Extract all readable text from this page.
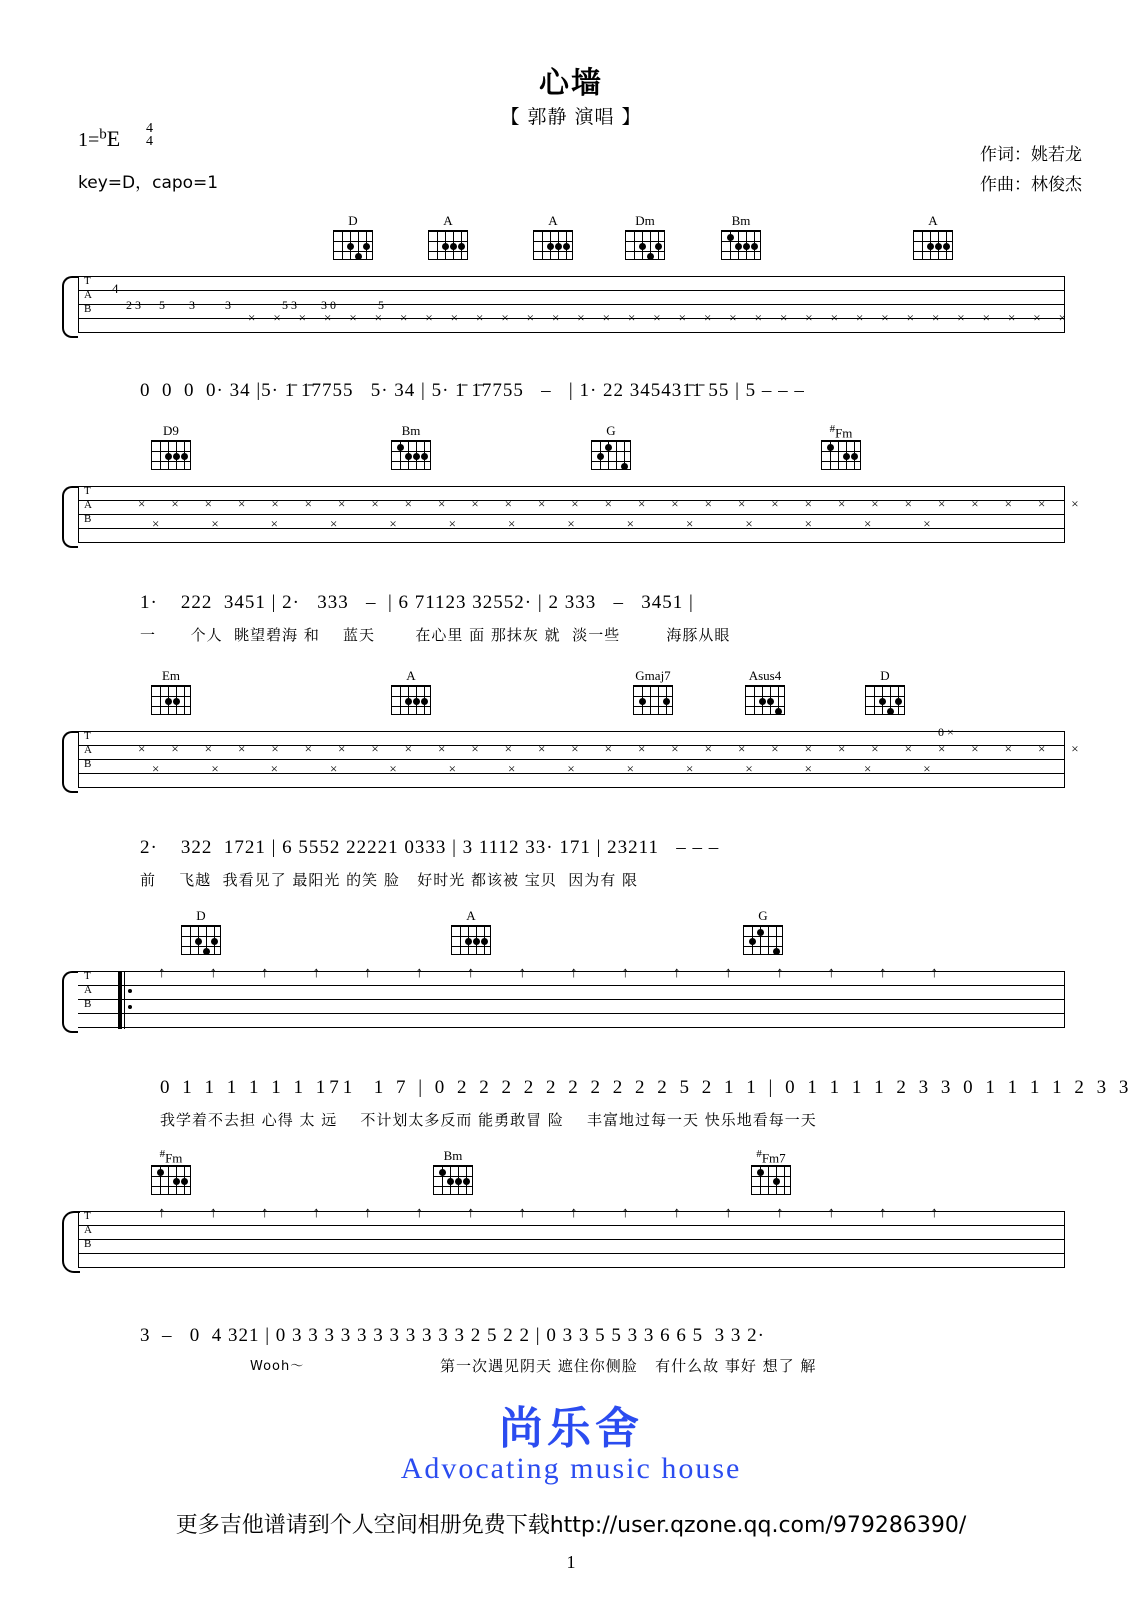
心墙
【 郭静 演唱 】
1=$^b$E 4
4
key=D，capo=1
作词：姚若龙
作曲：林俊杰
D	A	A	Dm	Bm	A
T
A
B
4
2 3      5        3          3                 5 3        3 0              5
×××××××××××××××××××××××××××××××××
0  0  0  0· 34 |5· 1̄ 1̄7755   5· 34 | 5· 1̄ 1̄7755   –   | 1· 22 345431̄1̄ 55 | 5 – – –
D9	Bm	G	#Fm
T
A
B
×××××××××××××××××××××××××××××
××××××××××××××
1·    222  3451 | 2·   333   –  | 6 71123 32552· | 2 333   –   3451 |
一      个人  眺望碧海 和    蓝天       在心里 面 那抹灰 就  淡一些        海豚从眼
Em	A	Gmaj7	Asus4	D
T
A
B
×××××××××××××××××××××××××××××
××××××××××××××
0 ×
2·    322  1721 | 6 5552 22221 0333 | 3 1112 33· 171 | 23211   – – –
前    飞越  我看见了 最阳光 的笑 脸   好时光 都该被 宝贝  因为有 限
D	A	G
T
A
B
↑↑↑↑↑↑↑↑↑↑↑↑↑↑↑↑
0 1 1 1 1 1 1 171  1 7 | 0 2 2 2 2 2 2 2 2 2 2 5 2 1 1 | 0 1 1 1 1 2 3 3 0 1 1 1 1 2 3 3
我学着不去担 心得 太 远    不计划太多反而 能勇敢冒 险    丰富地过每一天 快乐地看每一天
#Fm	Bm	#Fm7
T
A
B
↑↑↑↑↑↑↑↑↑↑↑↑↑↑↑↑
3  –   0  4 321 | 0 3 3 3 3 3 3 3 3 3 3 3 2 5 2 2 | 0 3 3 5 5 3 3 6 6 5  3 3 2·
Wooh～	第一次遇见阴天 遮住你侧脸   有什么故 事好 想了 解
尚乐舍
Advocating music house
更多吉他谱请到个人空间相册免费下载http://user.qzone.qq.com/979286390/
1
